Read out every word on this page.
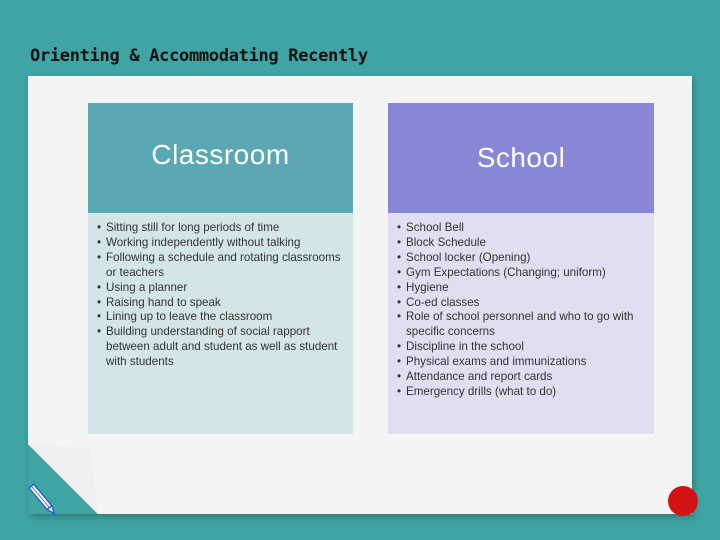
Orienting & Accommodating Recently
Classroom
• Sitting still for long periods of time
• Working independently without talking
• Following a schedule and rotating classrooms or teachers
• Using a planner
• Raising hand to speak
• Lining up to leave the classroom
• Building understanding of social rapport between adult and student as well as student with students
School
• School Bell
• Block Schedule
• School locker (Opening)
• Gym Expectations (Changing; uniform)
• Hygiene
• Co-ed classes
• Role of school personnel and who to go with specific concerns
• Discipline in the school
• Physical exams and immunizations
• Attendance and report cards
• Emergency drills (what to do)
